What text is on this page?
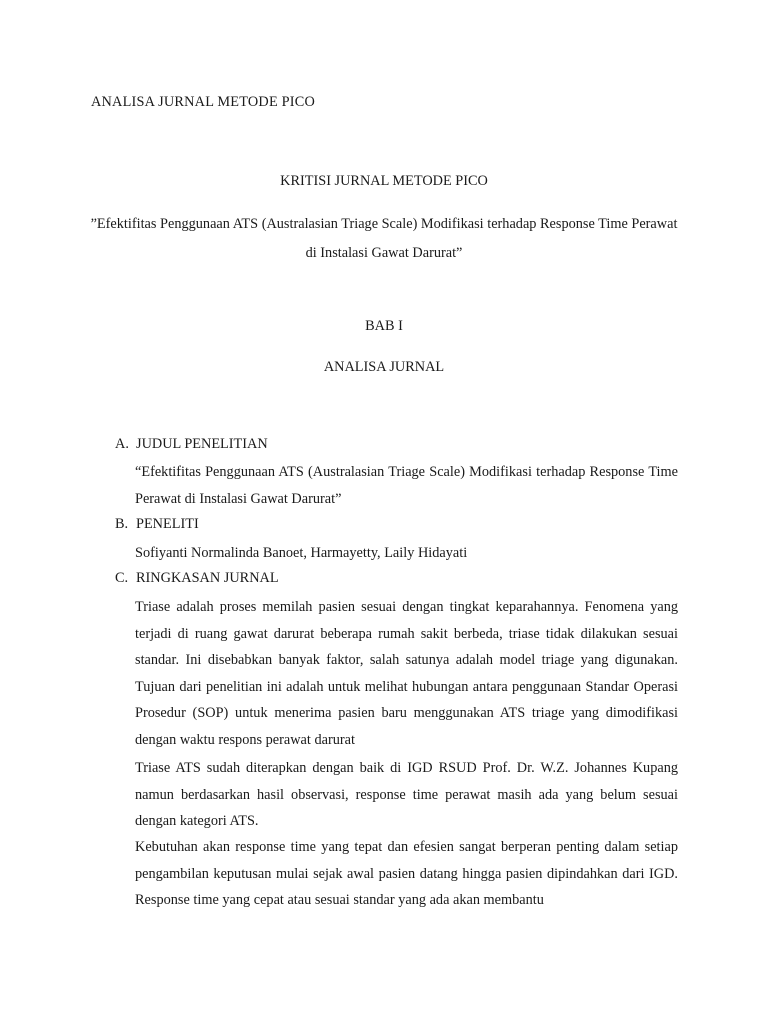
ANALISA JURNAL METODE PICO
KRITISI JURNAL METODE PICO

”Efektifitas Penggunaan ATS (Australasian Triage Scale) Modifikasi terhadap Response Time Perawat di Instalasi Gawat Darurat”

BAB I
ANALISA JURNAL
A. JUDUL PENELITIAN

“Efektifitas Penggunaan ATS (Australasian Triage Scale) Modifikasi terhadap Response Time Perawat di Instalasi Gawat Darurat”

B. PENELITI

Sofiyanti Normalinda Banoet, Harmayetty, Laily Hidayati

C. RINGKASAN JURNAL

Triase adalah proses memilah pasien sesuai dengan tingkat keparahannya. Fenomena yang terjadi di ruang gawat darurat beberapa rumah sakit berbeda, triase tidak dilakukan sesuai standar. Ini disebabkan banyak faktor, salah satunya adalah model triage yang digunakan. Tujuan dari penelitian ini adalah untuk melihat hubungan antara penggunaan Standar Operasi Prosedur (SOP) untuk menerima pasien baru menggunakan ATS triage yang dimodifikasi dengan waktu respons perawat darurat

Triase ATS sudah diterapkan dengan baik di IGD RSUD Prof. Dr. W.Z. Johannes Kupang namun berdasarkan hasil observasi, response time perawat masih ada yang belum sesuai dengan kategori ATS.

Kebutuhan akan response time yang tepat dan efesien sangat berperan penting dalam setiap pengambilan keputusan mulai sejak awal pasien datang hingga pasien dipindahkan dari IGD. Response time yang cepat atau sesuai standar yang ada akan membantu
